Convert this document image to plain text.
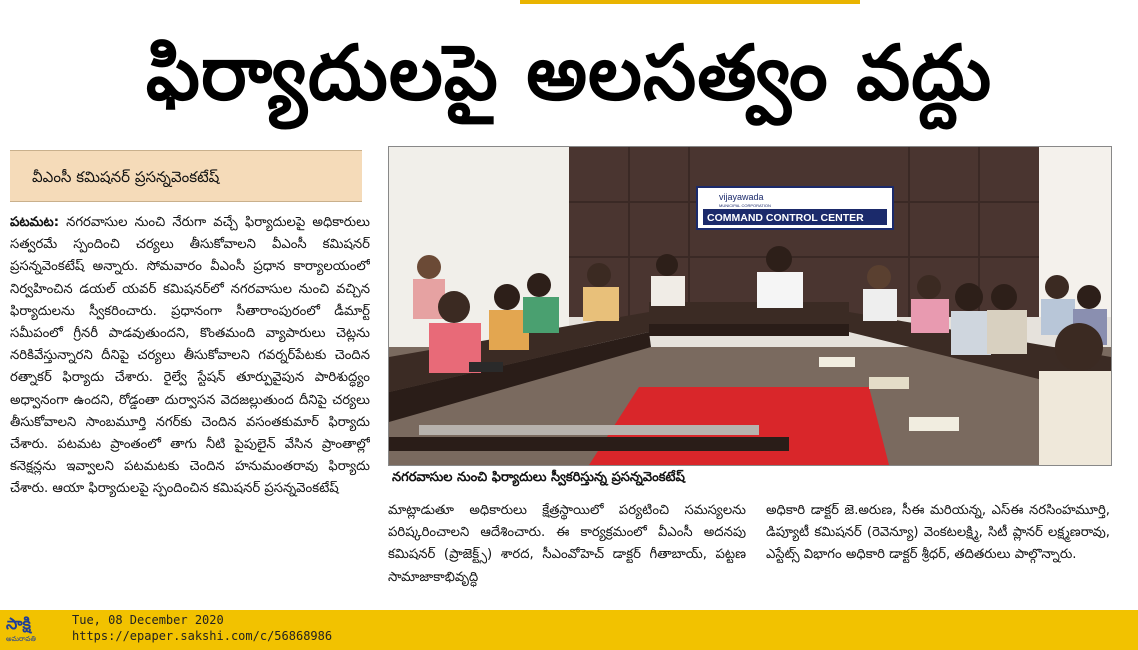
ఫిర్యాదులపై అలసత్వం వద్దు
వీఎంసీ కమిషనర్ ప్రసన్నవెంకటేష్
పటమట: నగరవాసుల నుంచి నేరుగా వచ్చే ఫిర్యాదులపై అధికారులు సత్వరమే స్పందించి చర్యలు తీసుకోవాలని వీఎంసీ కమిషనర్ ప్రసన్నవెంకటేష్ అన్నారు. సోమవారం వీఎంసీ ప్రధాన కార్యాలయంలో నిర్వహించిన డయల్ యవర్ కమిషనర్‌లో నగరవాసుల నుంచి వచ్చిన ఫిర్యాదులను స్వీకరించారు. ప్రధానంగా సీతారాంపురంలో డీమార్ట్ సమీపంలో గ్రీనరీ పాడవుతుందని, కొంతమంది వ్యాపారులు చెట్లను నరికివేస్తున్నారని దీనిపై చర్యలు తీసుకోవాలని గవర్నర్‌పేటకు చెందిన రత్నాకర్ ఫిర్యాదు చేశారు. రైల్వే స్టేషన్ తూర్పువైపున పారిశుద్ధ్యం అధ్వానంగా ఉందని, రోడ్డంతా దుర్వాసన వెదజల్లుతుంద దీనిపై చర్యలు తీసుకోవాలని సాంబమూర్తి నగర్‌కు చెందిన వసంతకుమార్ ఫిర్యాదు చేశారు. పటమట ప్రాంతంలో తాగు నీటి పైపులైన్ వేసిన ప్రాంతాల్లో కనెక్షన్లను ఇవ్వాలని పటమటకు చెందిన హనుమంతరావు ఫిర్యాదు చేశారు. ఆయా ఫిర్యాదులపై స్పందించిన కమిషనర్ ప్రసన్నవెంకటేష్
vijayawada
MUNICIPAL CORPORATION
COMMAND CONTROL CENTER
నగరవాసుల నుంచి ఫిర్యాదులు స్వీకరిస్తున్న ప్రసన్నవెంకటేష్
మాట్లాడుతూ అధికారులు క్షేత్రస్థాయిలో పర్యటించి సమస్యలను పరిష్కరించాలని ఆదేశించారు. ఈ కార్యక్రమంలో వీఎంసీ అదనపు కమిషనర్ (ప్రాజెక్ట్స్) శారద, సీఎంవోహెచ్ డాక్టర్ గీతాబాయ్, పట్టణ సామాజాకాభివృద్ధి
అధికారి డాక్టర్ జె.అరుణ, సీఈ మరియన్న, ఎస్ఈ నరసింహమూర్తి, డిప్యూటీ కమిషనర్ (రెవెన్యూ) వెంకటలక్ష్మి, సిటీ ప్లానర్ లక్ష్మణరావు, ఎస్టేట్స్ విభాగం అధికారి డాక్టర్ శ్రీధర్, తదితరులు పాల్గొన్నారు.
సాక్షి
అమరావతి
Tue, 08 December 2020
https://epaper.sakshi.com/c/56868986
